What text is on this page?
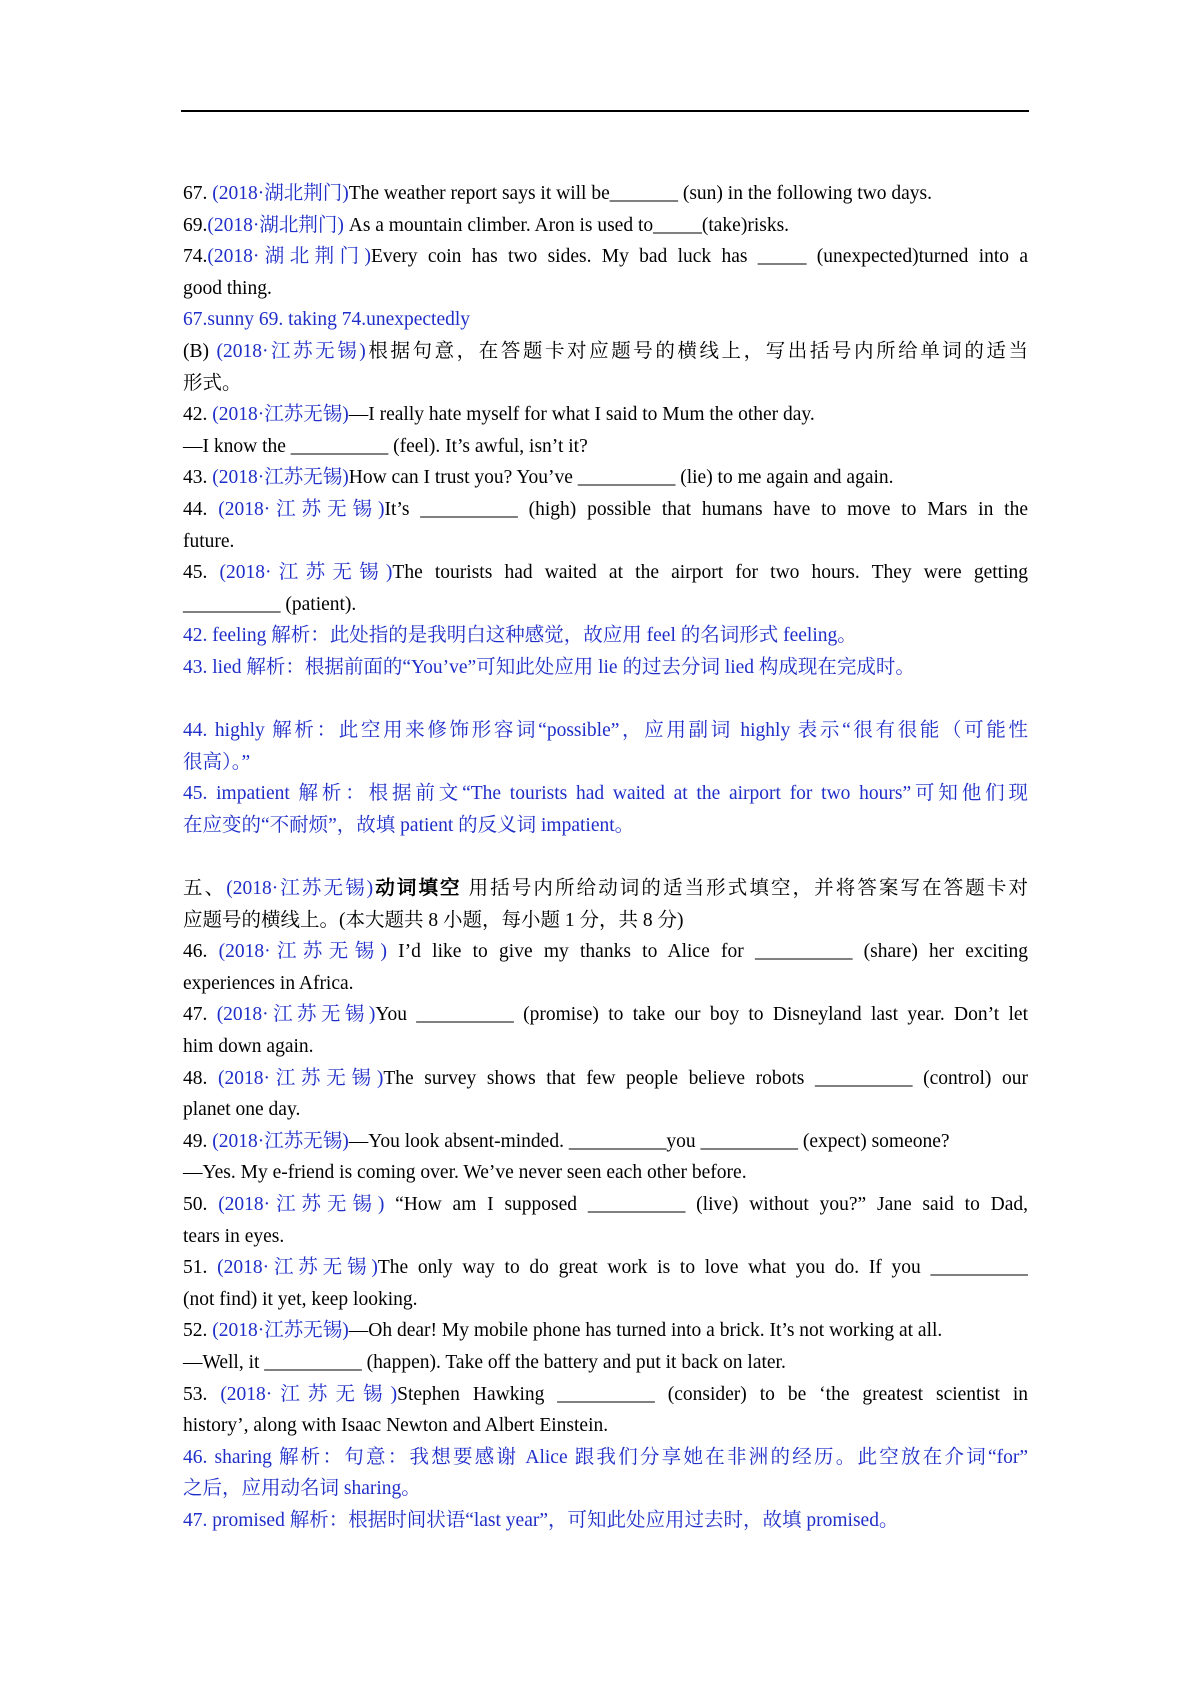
67. (2018·湖北荆门)The weather report says it will be_______ (sun) in the following two days.
69.(2018·湖北荆门) As a mountain climber. Aron is used to_____(take)risks.
74.(2018·湖北荆门)Every coin has two sides. My bad luck has _____ (unexpected)turned into a
good thing.
67.sunny 69. taking 74.unexpectedly
(B) (2018·江苏无锡)根据句意，在答题卡对应题号的横线上，写出括号内所给单词的适当
形式。
42. (2018·江苏无锡)—I really hate myself for what I said to Mum the other day.
—I know the __________ (feel). It’s awful, isn’t it?
43. (2018·江苏无锡)How can I trust you? You’ve __________ (lie) to me again and again.
44. (2018·江苏无锡)It’s __________ (high) possible that humans have to move to Mars in the
future.
45. (2018·江苏无锡)The tourists had waited at the airport for two hours. They were getting
__________ (patient).
42. feeling 解析：此处指的是我明白这种感觉，故应用 feel 的名词形式 feeling。
43. lied 解析：根据前面的“You’ve”可知此处应用 lie 的过去分词 lied 构成现在完成时。
44. highly 解析：此空用来修饰形容词“possible”，应用副词 highly 表示“很有很能（可能性
很高）。”
45. impatient 解析：根据前文“The tourists had waited at the airport for two hours”可知他们现
在应变的“不耐烦”，故填 patient 的反义词 impatient。
五、(2018·江苏无锡)动词填空 用括号内所给动词的适当形式填空，并将答案写在答题卡对
应题号的横线上。(本大题共 8 小题，每小题 1 分，共 8 分)
46. (2018·江苏无锡) I’d like to give my thanks to Alice for __________ (share) her exciting
experiences in Africa.
47. (2018·江苏无锡)You __________ (promise) to take our boy to Disneyland last year. Don’t let
him down again.
48. (2018·江苏无锡)The survey shows that few people believe robots __________ (control) our
planet one day.
49. (2018·江苏无锡)—You look absent-minded. __________you __________ (expect) someone?
—Yes. My e-friend is coming over. We’ve never seen each other before.
50. (2018·江苏无锡) “How am I supposed __________ (live) without you?” Jane said to Dad,
tears in eyes.
51. (2018·江苏无锡)The only way to do great work is to love what you do. If you __________
(not find) it yet, keep looking.
52. (2018·江苏无锡)—Oh dear! My mobile phone has turned into a brick. It’s not working at all.
—Well, it __________ (happen). Take off the battery and put it back on later.
53. (2018·江苏无锡)Stephen Hawking __________ (consider) to be ‘the greatest scientist in
history’, along with Isaac Newton and Albert Einstein.
46. sharing 解析：句意：我想要感谢 Alice 跟我们分享她在非洲的经历。此空放在介词“for”
之后，应用动名词 sharing。
47. promised 解析：根据时间状语“last year”，可知此处应用过去时，故填 promised。
